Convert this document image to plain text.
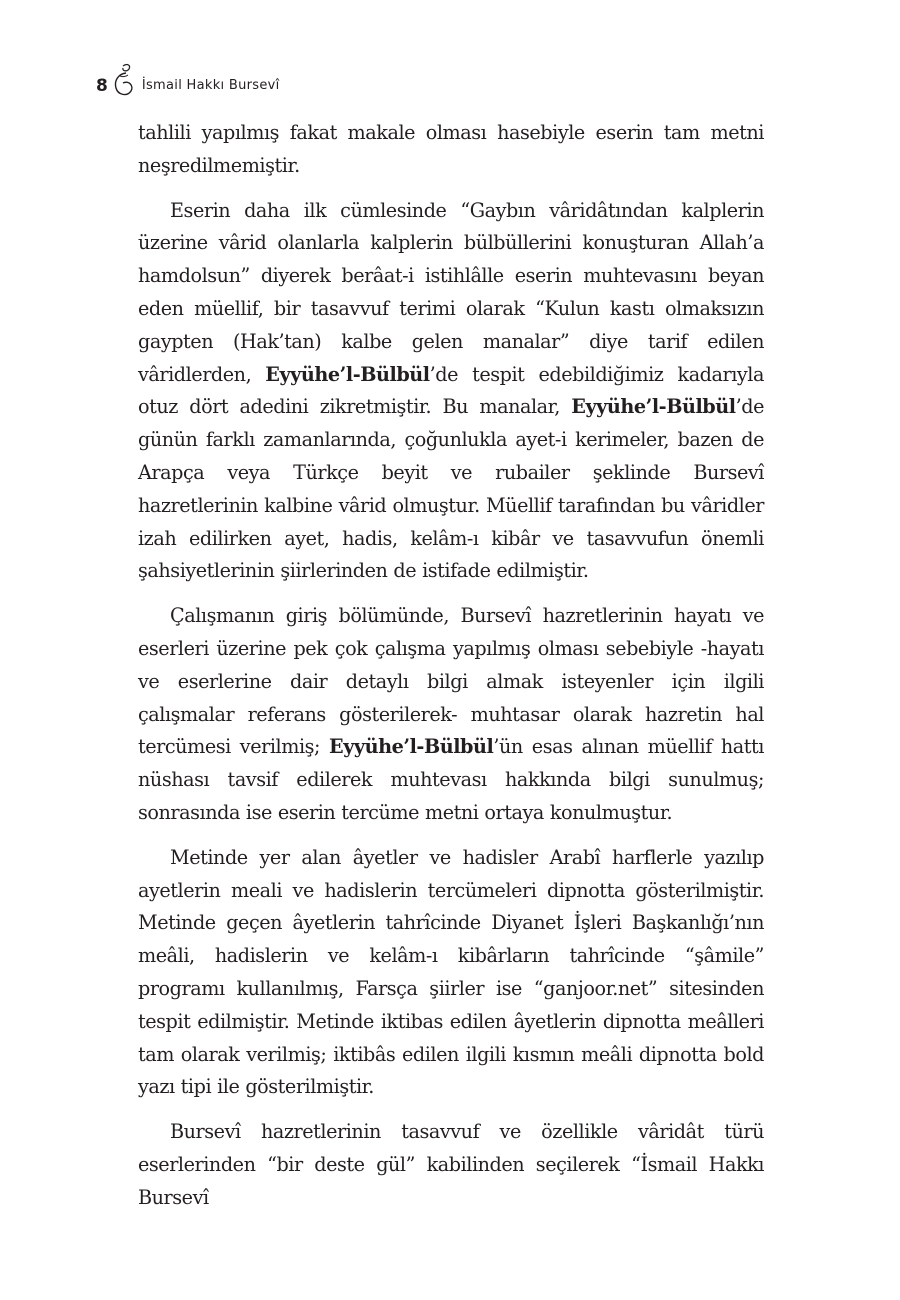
8	İsmail Hakkı Bursevî

tahlili yapılmış fakat makale olması hasebiyle eserin tam metni neşredilmemiştir.

Eserin daha ilk cümlesinde “Gaybın vâridâtından kalplerin üzerine vârid olanlarla kalplerin bülbüllerini konuşturan Allah’a hamdolsun” diyerek berâat-i istihlâlle eserin muhtevasını beyan eden müellif, bir tasavvuf terimi olarak “Kulun kastı olmaksızın gaypten (Hak’tan) kalbe gelen manalar” diye tarif edilen vâridlerden, Eyyühe’l-Bülbül’de tespit edebildiğimiz kadarıyla otuz dört adedini zikretmiştir. Bu manalar, Eyyühe’l-Bülbül’de günün farklı zamanlarında, çoğunlukla ayet-i kerimeler, bazen de Arapça veya Türkçe beyit ve rubailer şeklinde Bursevî hazretlerinin kalbine vârid olmuştur. Müellif tarafından bu vâridler izah edilirken ayet, hadis, kelâm-ı kibâr ve tasavvufun önemli şahsiyetlerinin şiirlerinden de istifade edilmiştir.

Çalışmanın giriş bölümünde, Bursevî hazretlerinin hayatı ve eserleri üzerine pek çok çalışma yapılmış olması sebebiyle -hayatı ve eserlerine dair detaylı bilgi almak isteyenler için ilgili çalışmalar referans gösterilerek- muhtasar olarak hazretin hal tercümesi verilmiş; Eyyühe’l-Bülbül’ün esas alınan müellif hattı nüshası tavsif edilerek muhtevası hakkında bilgi sunulmuş; sonrasında ise eserin tercüme metni ortaya konulmuştur.

Metinde yer alan âyetler ve hadisler Arabî harflerle yazılıp ayetlerin meali ve hadislerin tercümeleri dipnotta gösterilmiştir. Metinde geçen âyetlerin tahrîcinde Diyanet İşleri Başkanlığı’nın meâli, hadislerin ve kelâm-ı kibârların tahrîcinde “şâmile” programı kullanılmış, Farsça şiirler ise “ganjoor.net” sitesinden tespit edilmiştir. Metinde iktibas edilen âyetlerin dipnotta meâlleri tam olarak verilmiş; iktibâs edilen ilgili kısmın meâli dipnotta bold yazı tipi ile gösterilmiştir.

Bursevî hazretlerinin tasavvuf ve özellikle vâridât türü eserlerinden “bir deste gül” kabilinden seçilerek “İsmail Hakkı Bursevî
